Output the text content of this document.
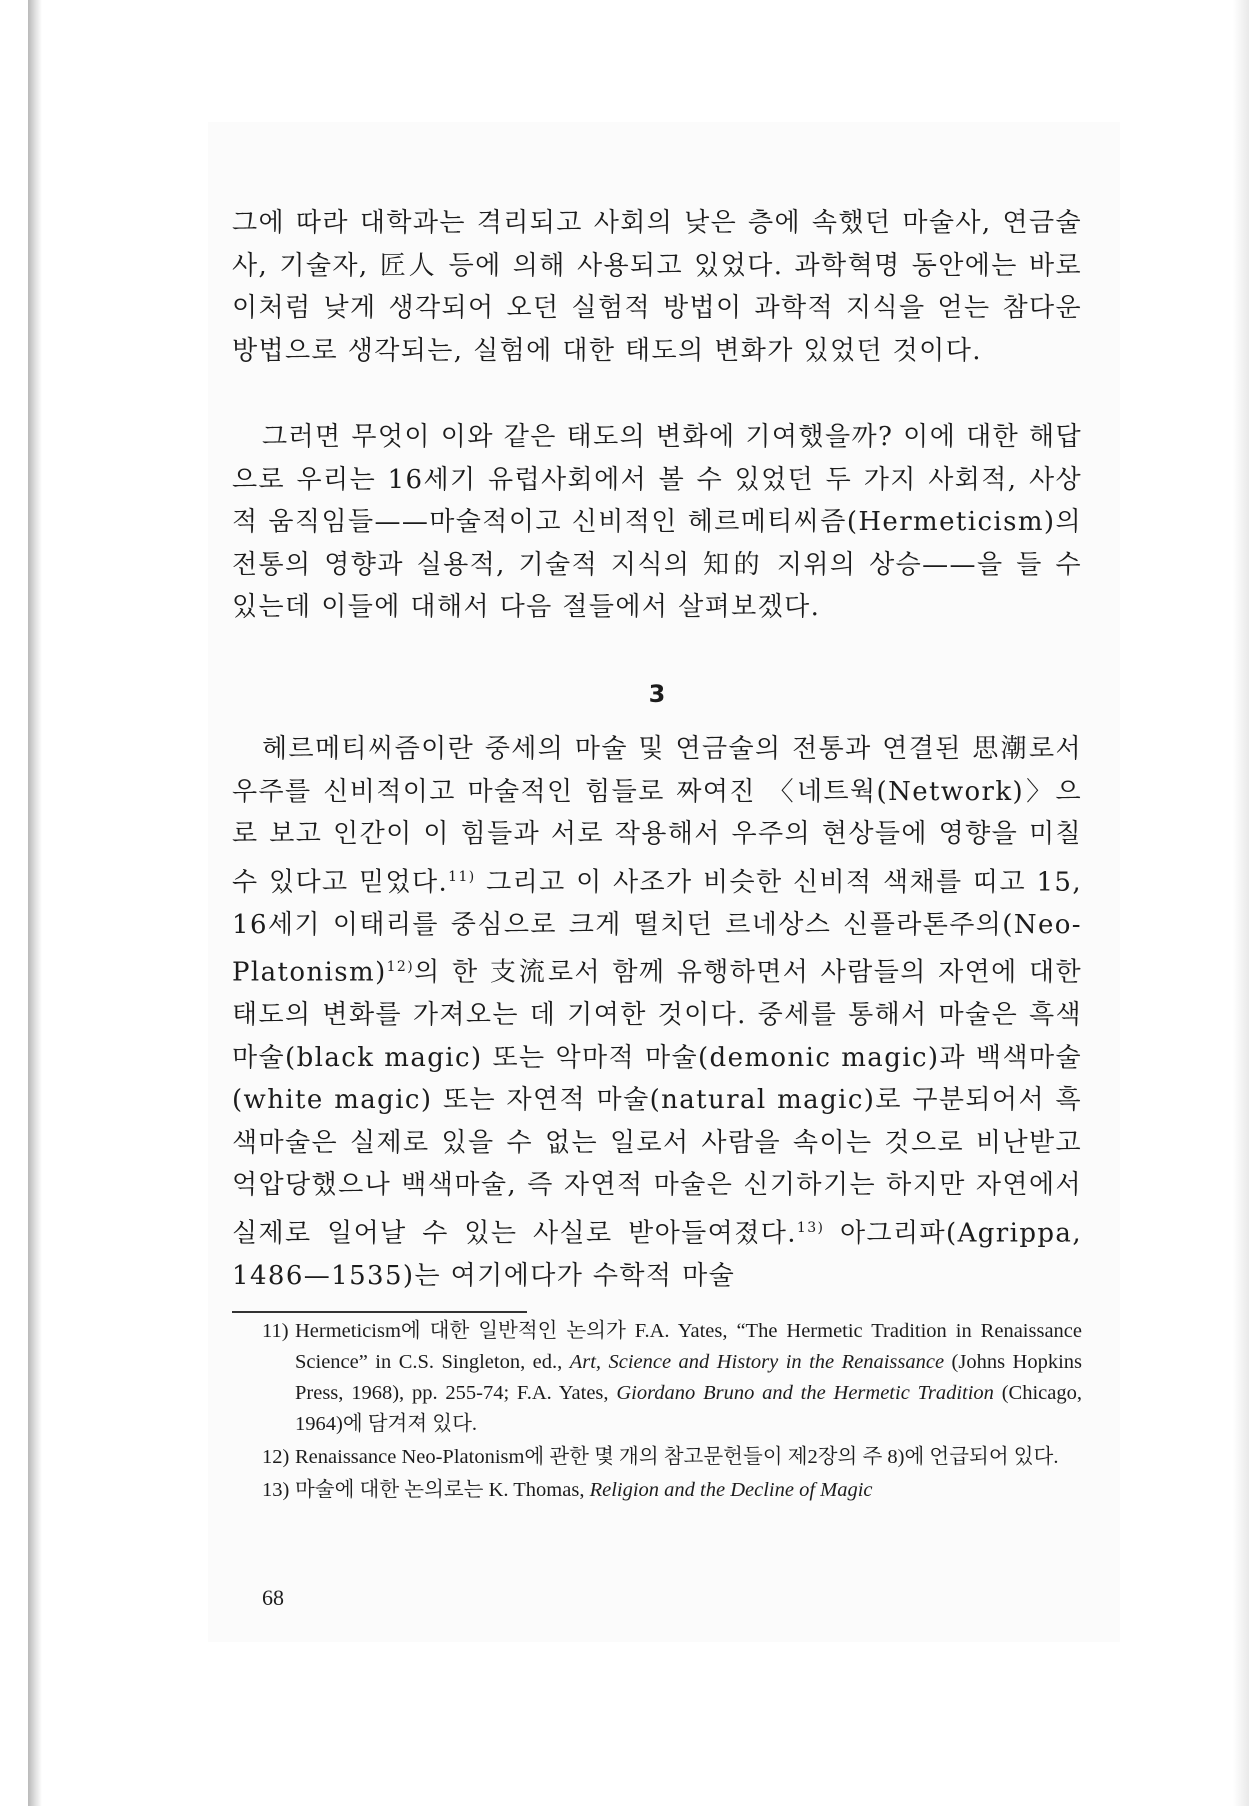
그에 따라 대학과는 격리되고 사회의 낮은 층에 속했던 마술사, 연금술사, 기술자, 匠人 등에 의해 사용되고 있었다. 과학혁명 동안에는 바로 이처럼 낮게 생각되어 오던 실험적 방법이 과학적 지식을 얻는 참다운 방법으로 생각되는, 실험에 대한 태도의 변화가 있었던 것이다.

그러면 무엇이 이와 같은 태도의 변화에 기여했을까? 이에 대한 해답으로 우리는 16세기 유럽사회에서 볼 수 있었던 두 가지 사회적, 사상적 움직임들——마술적이고 신비적인 헤르메티씨즘(Hermeticism)의 전통의 영향과 실용적, 기술적 지식의 知的 지위의 상승——을 들 수 있는데 이들에 대해서 다음 절들에서 살펴보겠다.

3

헤르메티씨즘이란 중세의 마술 및 연금술의 전통과 연결된 思潮로서 우주를 신비적이고 마술적인 힘들로 짜여진 〈네트웍(Network)〉으로 보고 인간이 이 힘들과 서로 작용해서 우주의 현상들에 영향을 미칠 수 있다고 믿었다.$^{11)}$ 그리고 이 사조가 비슷한 신비적 색채를 띠고 15, 16세기 이태리를 중심으로 크게 떨치던 르네상스 신플라톤주의(Neo-Platonism)$^{12)}$의 한 支流로서 함께 유행하면서 사람들의 자연에 대한 태도의 변화를 가져오는 데 기여한 것이다. 중세를 통해서 마술은 흑색마술(black magic) 또는 악마적 마술(demonic magic)과 백색마술(white magic) 또는 자연적 마술(natural magic)로 구분되어서 흑색마술은 실제로 있을 수 없는 일로서 사람을 속이는 것으로 비난받고 억압당했으나 백색마술, 즉 자연적 마술은 신기하기는 하지만 자연에서 실제로 일어날 수 있는 사실로 받아들여졌다.$^{13)}$ 아그리파(Agrippa, 1486—1535)는 여기에다가 수학적 마술

11) Hermeticism에 대한 일반적인 논의가 F.A. Yates, “The Hermetic Tradition in Renaissance Science” in C.S. Singleton, ed., Art, Science and History in the Renaissance (Johns Hopkins Press, 1968), pp. 255-74; F.A. Yates, Giordano Bruno and the Hermetic Tradition (Chicago, 1964)에 담겨져 있다.
12) Renaissance Neo-Platonism에 관한 몇 개의 참고문헌들이 제2장의 주 8)에 언급되어 있다.
13) 마술에 대한 논의로는 K. Thomas, Religion and the Decline of Magic

68
